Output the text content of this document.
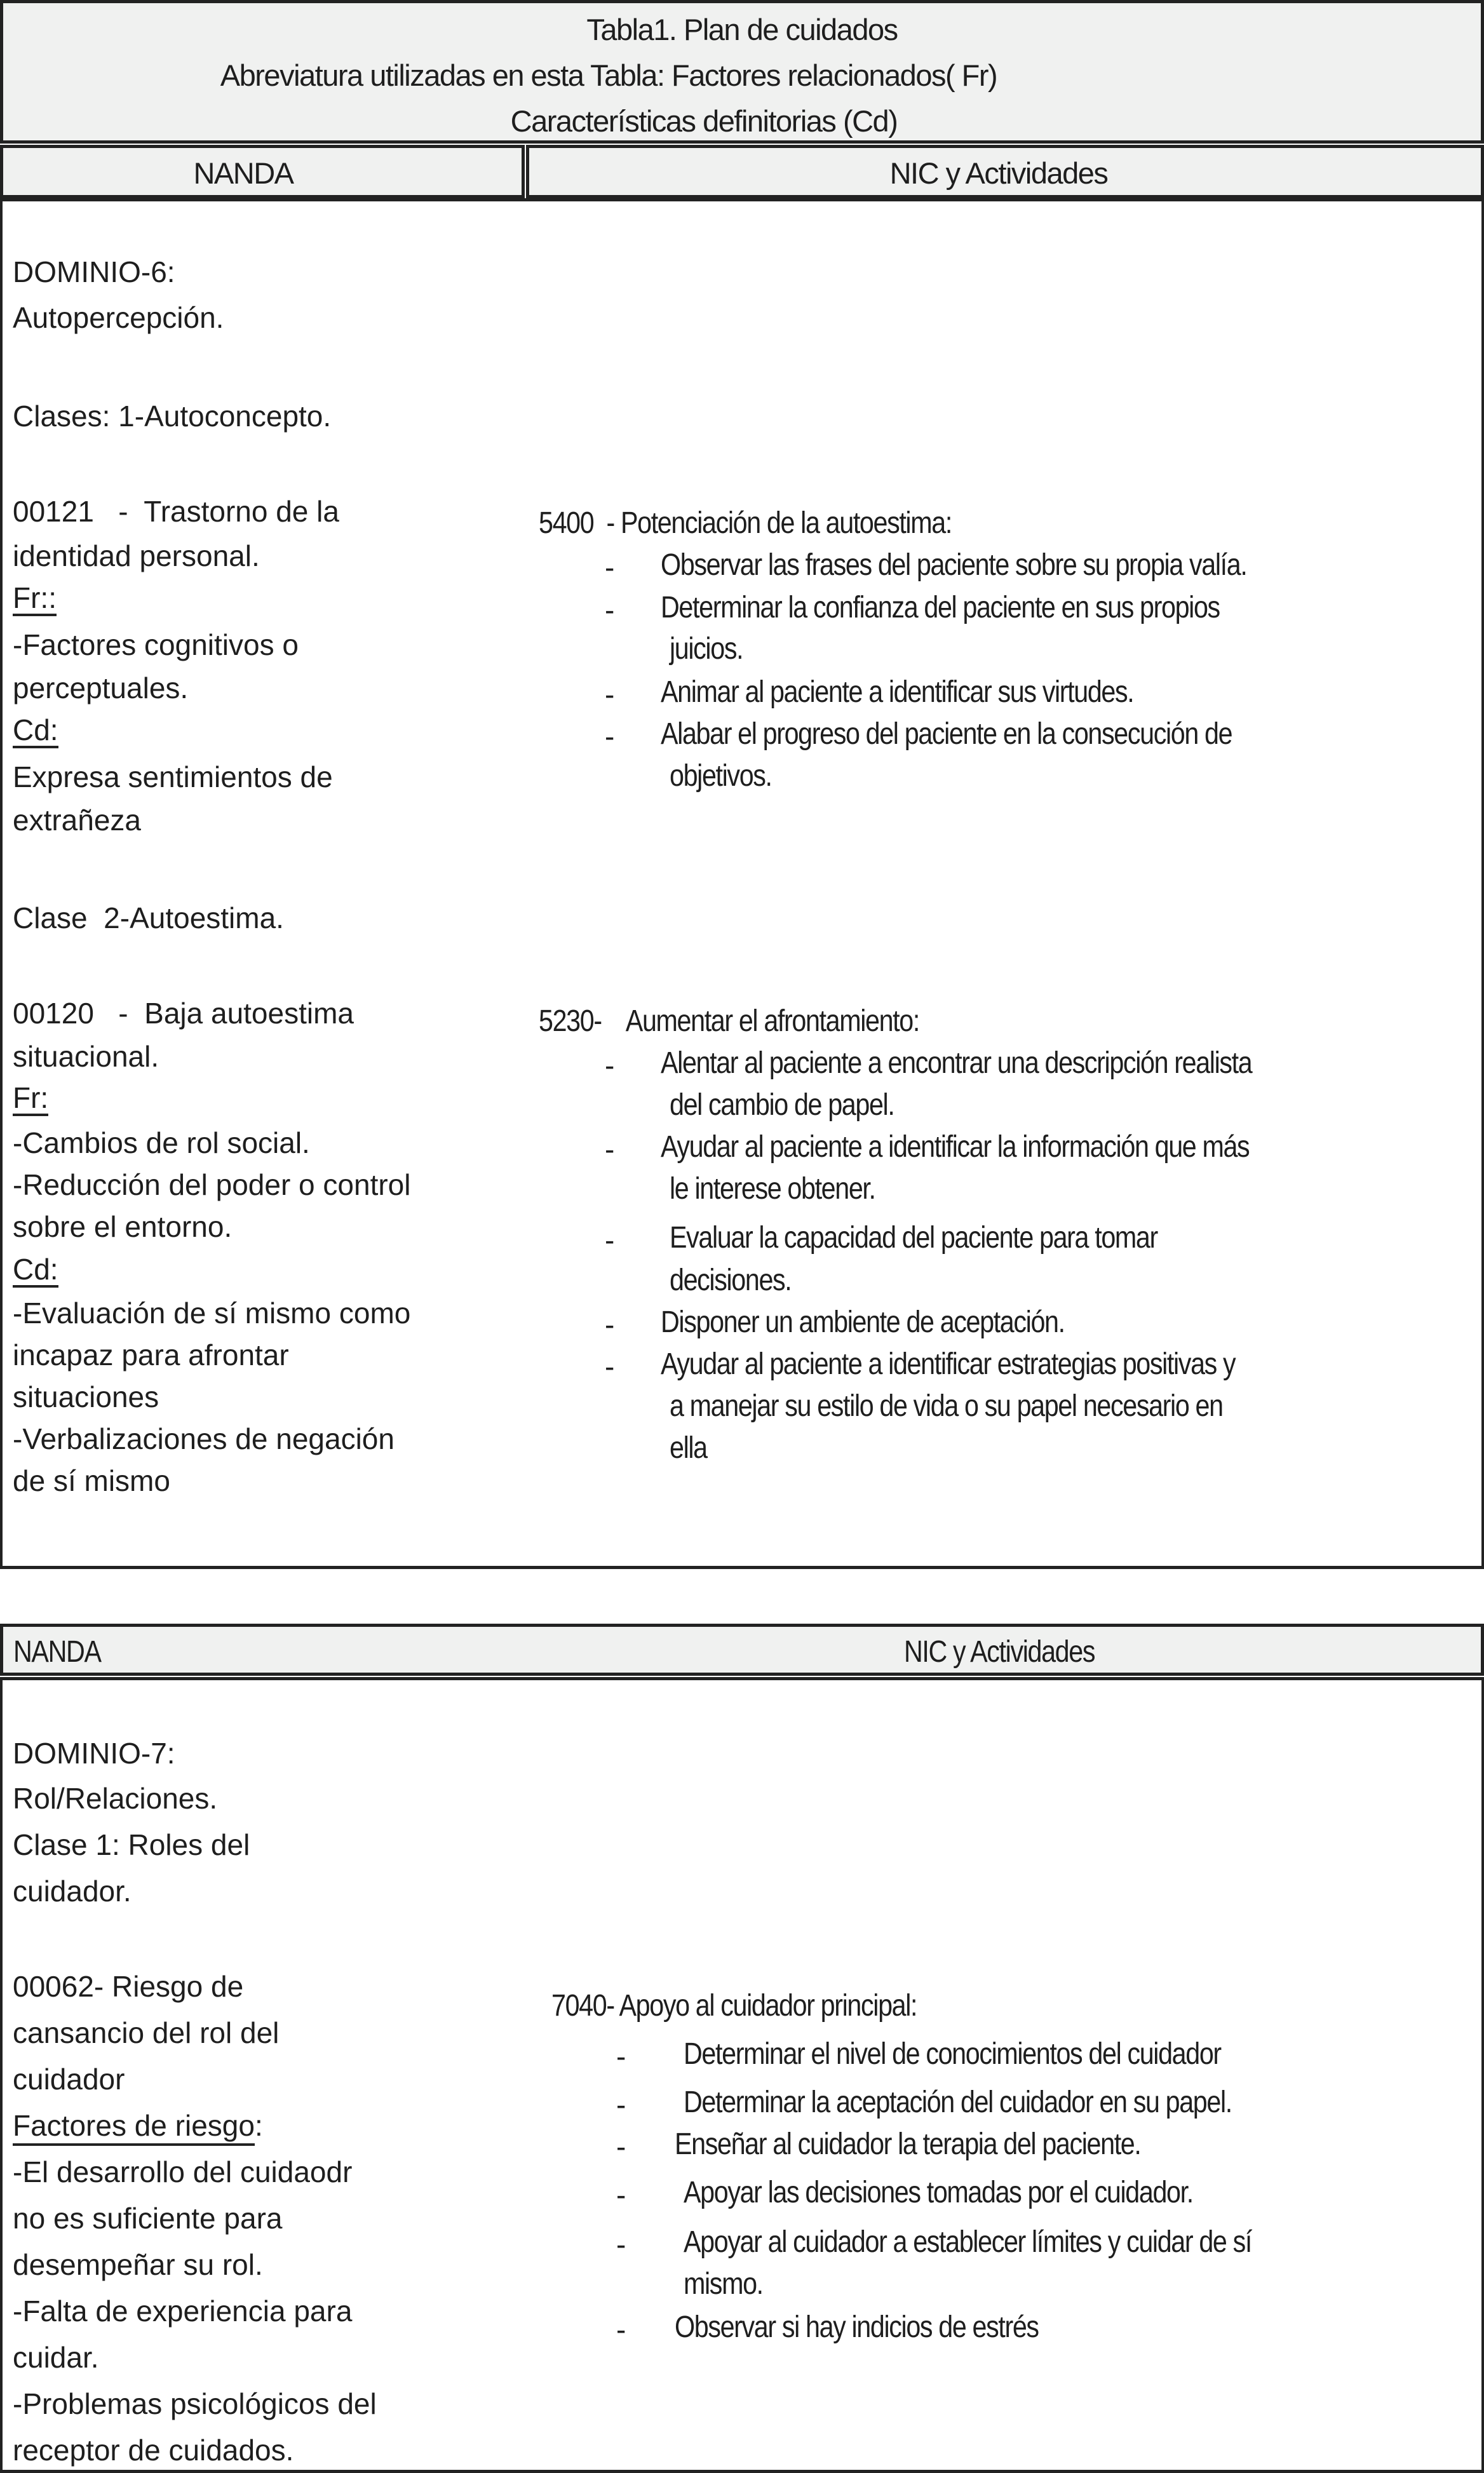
Tabla1. Plan de cuidados
Abreviatura utilizadas en esta Tabla: Factores relacionados( Fr)
Características definitorias (Cd)
NANDA	NIC y Actividades
DOMINIO-6:
Autopercepción.
Clases: 1-Autoconcepto.
00121   -  Trastorno de la
identidad personal.
Fr::
-Factores cognitivos o
perceptuales.
Cd:
Expresa sentimientos de
extrañeza
Clase  2-Autoestima.
00120   -  Baja autoestima
situacional.
Fr:
-Cambios de rol social.
-Reducción del poder o control
sobre el entorno.
Cd:
-Evaluación de sí mismo como
incapaz para afrontar
situaciones
-Verbalizaciones de negación
de sí mismo
5400  - Potenciación de la autoestima:
- Observar las frases del paciente sobre su propia valía.
- Determinar la confianza del paciente en sus propios
juicios.
- Animar al paciente a identificar sus virtudes.
- Alabar el progreso del paciente en la consecución de
objetivos.
5230-    Aumentar el afrontamiento:
- Alentar al paciente a encontrar una descripción realista
del cambio de papel.
- Ayudar al paciente a identificar la información que más
le interese obtener.
- Evaluar la capacidad del paciente para tomar
decisiones.
- Disponer un ambiente de aceptación.
- Ayudar al paciente a identificar estrategias positivas y
a manejar su estilo de vida o su papel necesario en
ella
NANDA	NIC y Actividades
DOMINIO-7:
Rol/Relaciones.
Clase 1: Roles del
cuidador.
00062- Riesgo de
cansancio del rol del
cuidador
Factores de riesgo:
-El desarrollo del cuidaodr
no es suficiente para
desempeñar su rol.
-Falta de experiencia para
cuidar.
-Problemas psicológicos del
receptor de cuidados.
7040- Apoyo al cuidador principal:
- Determinar el nivel de conocimientos del cuidador
- Determinar la aceptación del cuidador en su papel.
- Enseñar al cuidador la terapia del paciente.
- Apoyar las decisiones tomadas por el cuidador.
- Apoyar al cuidador a establecer límites y cuidar de sí
mismo.
- Observar si hay indicios de estrés
